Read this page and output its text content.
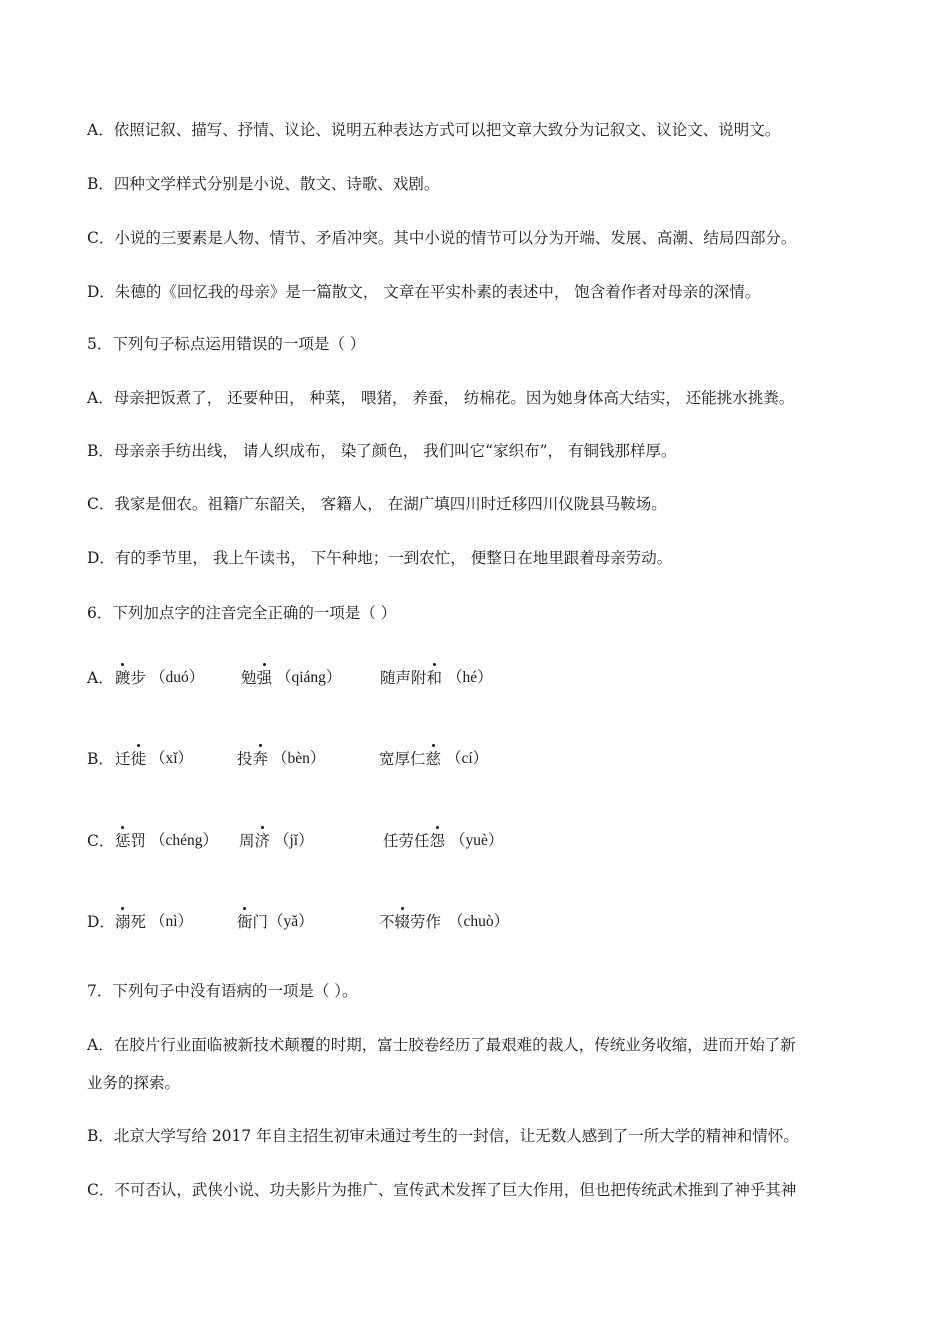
A．依照记叙、描写、抒情、议论、说明五种表达方式可以把文章大致分为记叙文、议论文、说明文。
B．四种文学样式分别是小说、散文、诗歌、戏剧。
C．小说的三要素是人物、情节、矛盾冲突。其中小说的情节可以分为开端、发展、高潮、结局四部分。
D．朱德的《回忆我的母亲》是一篇散文， 文章在平实朴素的表述中， 饱含着作者对母亲的深情。
5．下列句子标点运用错误的一项是（ ）
A．母亲把饭煮了， 还要种田， 种菜， 喂猪， 养蚕， 纺棉花。因为她身体高大结实， 还能挑水挑粪。
B．母亲亲手纺出线， 请人织成布， 染了颜色， 我们叫它“家织布”， 有铜钱那样厚。
C．我家是佃农。祖籍广东韶关， 客籍人， 在湖广填四川时迁移四川仪陇县马鞍场。
D．有的季节里， 我上午读书， 下午种地；一到农忙， 便整日在地里跟着母亲劳动。
6．下列加点字的注音完全正确的一项是（ ）
A． 踱步 （duó） 勉强 （qiáng） 随声附和 （hé）
B． 迁徙 （xǐ）	投奔 （bèn）	宽厚仁慈 （cí）
C． 惩罚 （chéng） 周济 （jǐ）	任劳任怨 （yuè）
D． 溺死 （nì）	衙门 （yǎ）	不辍劳作 （chuò）
7．下列句子中没有语病的一项是（ ）。
A．在胶片行业面临被新技术颠覆的时期，富士胶卷经历了最艰难的裁人，传统业务收缩，进而开始了新
业务的探索。
B．北京大学写给 2017 年自主招生初审未通过考生的一封信，让无数人感到了一所大学的精神和情怀。
C．不可否认，武侠小说、功夫影片为推广、宣传武术发挥了巨大作用，但也把传统武术推到了神乎其神
